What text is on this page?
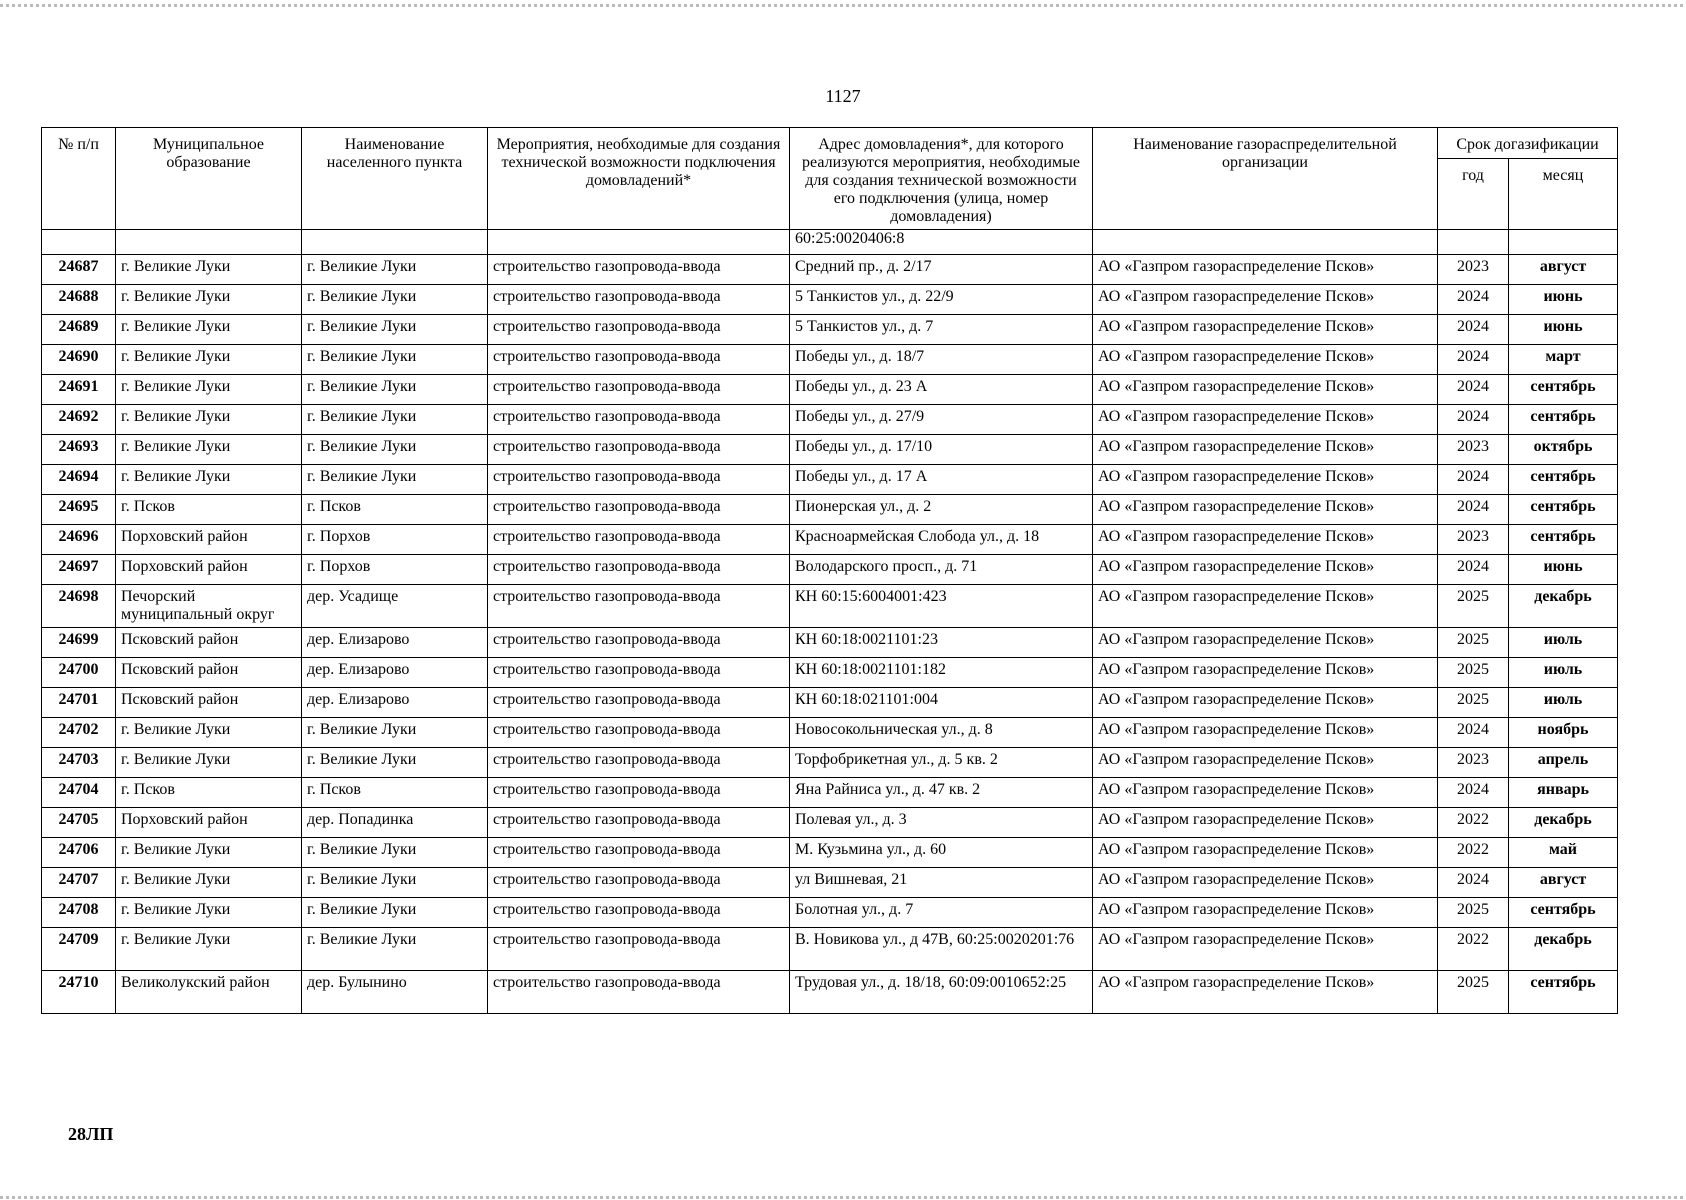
1127
№ п/п	Муниципальное образование	Наименование населенного пункта	Мероприятия, необходимые для создания технической возможности подключения домовладений*	Адрес домовладения*, для которого реализуются мероприятия, необходимые для создания технической возможности его подключения (улица, номер домовладения)	Наименование газораспределительной организации	Срок догазификации	
						год	месяц
				60:25:0020406:8			
24687	г. Великие Луки	г. Великие Луки	строительство газопровода-ввода	Средний пр., д. 2/17	АО «Газпром газораспределение Псков»	2023	август
24688	г. Великие Луки	г. Великие Луки	строительство газопровода-ввода	5 Танкистов ул., д. 22/9	АО «Газпром газораспределение Псков»	2024	июнь
24689	г. Великие Луки	г. Великие Луки	строительство газопровода-ввода	5 Танкистов ул., д. 7	АО «Газпром газораспределение Псков»	2024	июнь
24690	г. Великие Луки	г. Великие Луки	строительство газопровода-ввода	Победы ул., д. 18/7	АО «Газпром газораспределение Псков»	2024	март
24691	г. Великие Луки	г. Великие Луки	строительство газопровода-ввода	Победы ул., д. 23 А	АО «Газпром газораспределение Псков»	2024	сентябрь
24692	г. Великие Луки	г. Великие Луки	строительство газопровода-ввода	Победы ул., д. 27/9	АО «Газпром газораспределение Псков»	2024	сентябрь
24693	г. Великие Луки	г. Великие Луки	строительство газопровода-ввода	Победы ул., д. 17/10	АО «Газпром газораспределение Псков»	2023	октябрь
24694	г. Великие Луки	г. Великие Луки	строительство газопровода-ввода	Победы ул., д. 17 А	АО «Газпром газораспределение Псков»	2024	сентябрь
24695	г. Псков	г. Псков	строительство газопровода-ввода	Пионерская ул., д. 2	АО «Газпром газораспределение Псков»	2024	сентябрь
24696	Порховский район	г. Порхов	строительство газопровода-ввода	Красноармейская Слобода ул., д. 18	АО «Газпром газораспределение Псков»	2023	сентябрь
24697	Порховский район	г. Порхов	строительство газопровода-ввода	Володарского просп., д. 71	АО «Газпром газораспределение Псков»	2024	июнь
24698	Печорский муниципальный округ	дер. Усадище	строительство газопровода-ввода	КН 60:15:6004001:423	АО «Газпром газораспределение Псков»	2025	декабрь
24699	Псковский район	дер. Елизарово	строительство газопровода-ввода	КН 60:18:0021101:23	АО «Газпром газораспределение Псков»	2025	июль
24700	Псковский район	дер. Елизарово	строительство газопровода-ввода	КН 60:18:0021101:182	АО «Газпром газораспределение Псков»	2025	июль
24701	Псковский район	дер. Елизарово	строительство газопровода-ввода	КН 60:18:021101:004	АО «Газпром газораспределение Псков»	2025	июль
24702	г. Великие Луки	г. Великие Луки	строительство газопровода-ввода	Новосокольническая ул., д. 8	АО «Газпром газораспределение Псков»	2024	ноябрь
24703	г. Великие Луки	г. Великие Луки	строительство газопровода-ввода	Торфобрикетная ул., д. 5 кв. 2	АО «Газпром газораспределение Псков»	2023	апрель
24704	г. Псков	г. Псков	строительство газопровода-ввода	Яна Райниса ул., д. 47 кв. 2	АО «Газпром газораспределение Псков»	2024	январь
24705	Порховский район	дер. Попадинка	строительство газопровода-ввода	Полевая ул., д. 3	АО «Газпром газораспределение Псков»	2022	декабрь
24706	г. Великие Луки	г. Великие Луки	строительство газопровода-ввода	М. Кузьмина ул., д. 60	АО «Газпром газораспределение Псков»	2022	май
24707	г. Великие Луки	г. Великие Луки	строительство газопровода-ввода	ул Вишневая, 21	АО «Газпром газораспределение Псков»	2024	август
24708	г. Великие Луки	г. Великие Луки	строительство газопровода-ввода	Болотная ул., д. 7	АО «Газпром газораспределение Псков»	2025	сентябрь
24709	г. Великие Луки	г. Великие Луки	строительство газопровода-ввода	В. Новикова ул., д 47В, 60:25:0020201:76	АО «Газпром газораспределение Псков»	2022	декабрь
24710	Великолукский район	дер. Булынино	строительство газопровода-ввода	Трудовая ул., д. 18/18, 60:09:0010652:25	АО «Газпром газораспределение Псков»	2025	сентябрь
28ЛП
